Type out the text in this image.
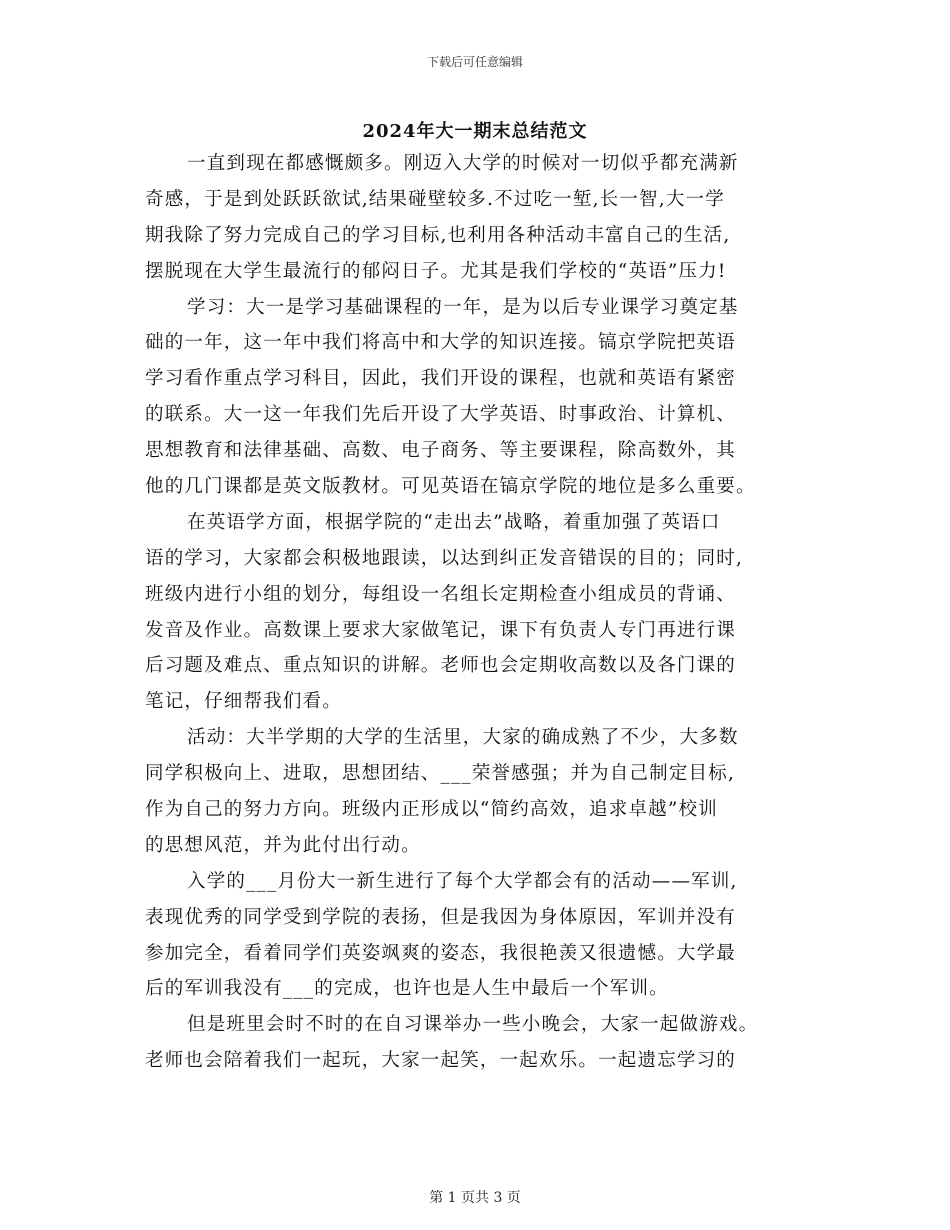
下载后可任意编辑
2024年大一期末总结范文
一直到现在都感慨颇多。刚迈入大学的时候对一切似乎都充满新
奇感，于是到处跃跃欲试,结果碰壁较多.不过吃一堑,长一智,大一学
期我除了努力完成自己的学习目标,也利用各种活动丰富自己的生活,
摆脱现在大学生最流行的郁闷日子。尤其是我们学校的“英语”压力!
学习：大一是学习基础课程的一年，是为以后专业课学习奠定基
础的一年，这一年中我们将高中和大学的知识连接。镐京学院把英语
学习看作重点学习科目，因此，我们开设的课程，也就和英语有紧密
的联系。大一这一年我们先后开设了大学英语、时事政治、计算机、
思想教育和法律基础、高数、电子商务、等主要课程，除高数外，其
他的几门课都是英文版教材。可见英语在镐京学院的地位是多么重要。
在英语学方面，根据学院的“走出去”战略，着重加强了英语口
语的学习，大家都会积极地跟读，以达到纠正发音错误的目的；同时,
班级内进行小组的划分，每组设一名组长定期检查小组成员的背诵、
发音及作业。高数课上要求大家做笔记，课下有负责人专门再进行课
后习题及难点、重点知识的讲解。老师也会定期收高数以及各门课的
笔记，仔细帮我们看。
活动：大半学期的大学的生活里，大家的确成熟了不少，大多数
同学积极向上、进取，思想团结、___荣誉感强；并为自己制定目标,
作为自己的努力方向。班级内正形成以“简约高效，追求卓越”校训
的思想风范，并为此付出行动。
入学的___月份大一新生进行了每个大学都会有的活动——军训,
表现优秀的同学受到学院的表扬，但是我因为身体原因，军训并没有
参加完全，看着同学们英姿飒爽的姿态，我很艳羡又很遗憾。大学最
后的军训我没有___的完成，也许也是人生中最后一个军训。
但是班里会时不时的在自习课举办一些小晚会，大家一起做游戏。
老师也会陪着我们一起玩，大家一起笑，一起欢乐。一起遗忘学习的
第 1 页共 3 页
